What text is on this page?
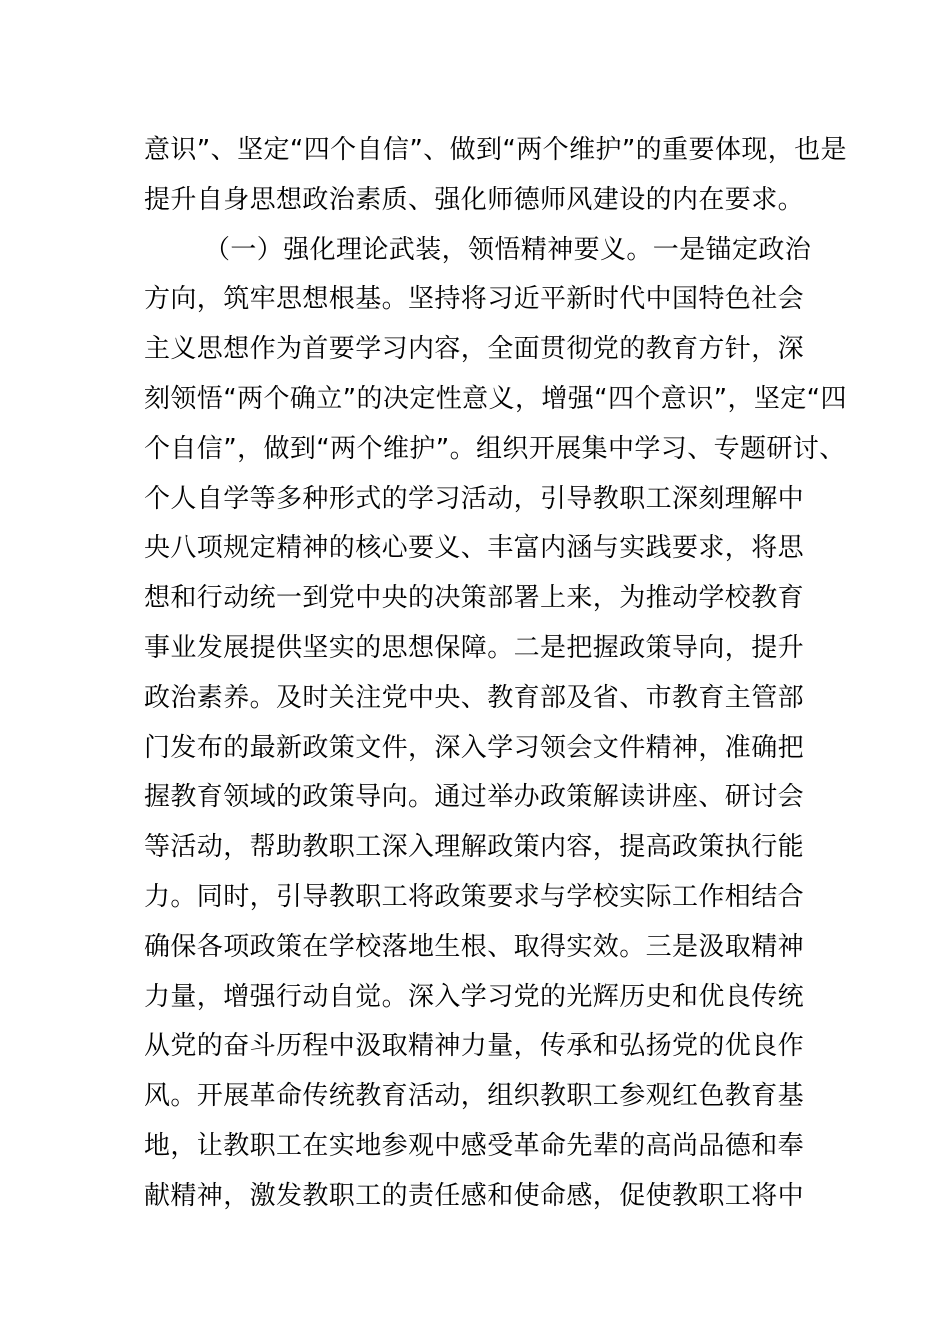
意识”、坚定“四个自信”、做到“两个维护”的重要体现，也是
提升自身思想政治素质、强化师德师风建设的内在要求。
（一）强化理论武装，领悟精神要义。一是锚定政治
方向，筑牢思想根基。坚持将习近平新时代中国特色社会
主义思想作为首要学习内容，全面贯彻党的教育方针，深
刻领悟“两个确立”的决定性意义，增强“四个意识”，坚定“四
个自信”，做到“两个维护”。组织开展集中学习、专题研讨、
个人自学等多种形式的学习活动，引导教职工深刻理解中
央八项规定精神的核心要义、丰富内涵与实践要求，将思
想和行动统一到党中央的决策部署上来，为推动学校教育
事业发展提供坚实的思想保障。二是把握政策导向，提升
政治素养。及时关注党中央、教育部及省、市教育主管部
门发布的最新政策文件，深入学习领会文件精神，准确把
握教育领域的政策导向。通过举办政策解读讲座、研讨会
等活动，帮助教职工深入理解政策内容，提高政策执行能
力。同时，引导教职工将政策要求与学校实际工作相结合
确保各项政策在学校落地生根、取得实效。三是汲取精神
力量，增强行动自觉。深入学习党的光辉历史和优良传统
从党的奋斗历程中汲取精神力量，传承和弘扬党的优良作
风。开展革命传统教育活动，组织教职工参观红色教育基
地，让教职工在实地参观中感受革命先辈的高尚品德和奉
献精神，激发教职工的责任感和使命感，促使教职工将中
